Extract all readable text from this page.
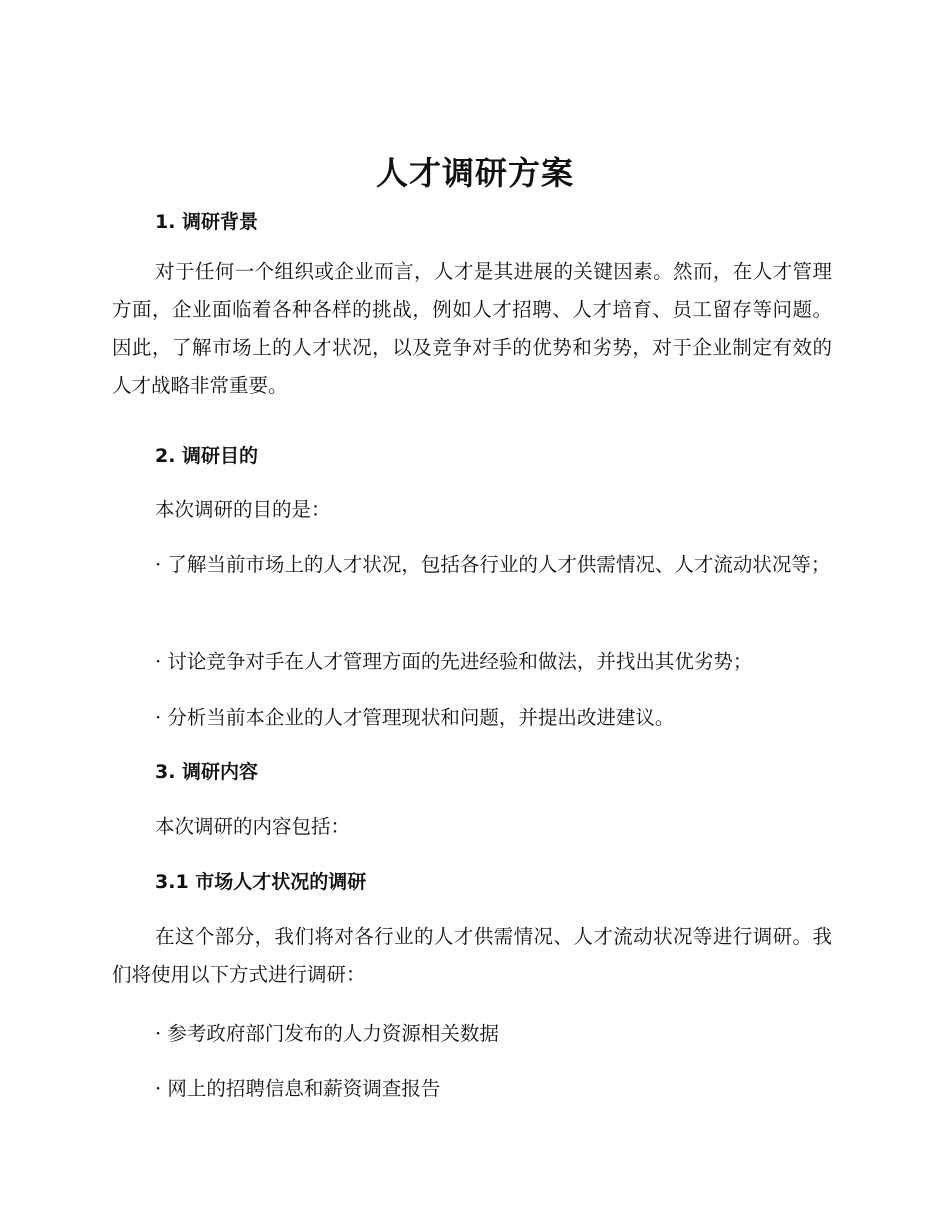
人才调研方案
1. 调研背景

对于任何一个组织或企业而言，人才是其进展的关键因素。然而，在人才管理方面，企业面临着各种各样的挑战，例如人才招聘、人才培育、员工留存等问题。因此，了解市场上的人才状况，以及竞争对手的优势和劣势，对于企业制定有效的人才战略非常重要。

2. 调研目的

本次调研的目的是：

· 了解当前市场上的人才状况，包括各行业的人才供需情况、人才流动状况等；

· 讨论竞争对手在人才管理方面的先进经验和做法，并找出其优劣势；

· 分析当前本企业的人才管理现状和问题，并提出改进建议。

3. 调研内容

本次调研的内容包括：

3.1 市场人才状况的调研

在这个部分，我们将对各行业的人才供需情况、人才流动状况等进行调研。我们将使用以下方式进行调研：

· 参考政府部门发布的人力资源相关数据

· 网上的招聘信息和薪资调查报告
